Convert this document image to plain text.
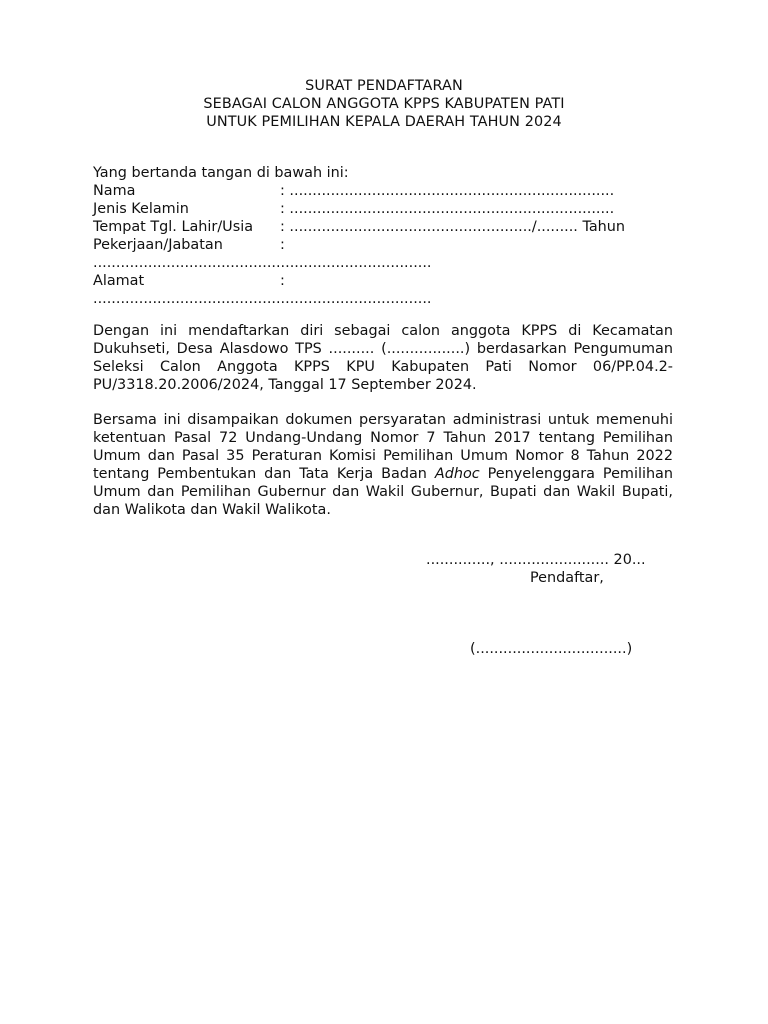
SURAT PENDAFTARAN
SEBAGAI CALON ANGGOTA KPPS KABUPATEN PATI
UNTUK PEMILIHAN KEPALA DAERAH TAHUN 2024
Yang bertanda tangan di bawah ini:
Nama	: .......................................................................
Jenis Kelamin	: .......................................................................
Tempat Tgl. Lahir/Usia : ...................................................../......... Tahun
Pekerjaan/Jabatan	:
..........................................................................
Alamat	:
..........................................................................
Dengan ini mendaftarkan diri sebagai calon anggota KPPS di Kecamatan Dukuhseti, Desa Alasdowo TPS .......... (.................) berdasarkan Pengumuman Seleksi Calon Anggota KPPS KPU Kabupaten Pati Nomor 06/PP.04.2-PU/3318.20.2006/2024, Tanggal 17 September 2024.
Bersama ini disampaikan dokumen persyaratan administrasi untuk memenuhi ketentuan Pasal 72 Undang-Undang Nomor 7 Tahun 2017 tentang Pemilihan Umum dan Pasal 35 Peraturan Komisi Pemilihan Umum Nomor 8 Tahun 2022 tentang Pembentukan dan Tata Kerja Badan Adhoc Penyelenggara Pemilihan Umum dan Pemilihan Gubernur dan Wakil Gubernur, Bupati dan Wakil Bupati, dan Walikota dan Wakil Walikota.
.............., ........................ 20...
Pendaftar,
(.................................)
